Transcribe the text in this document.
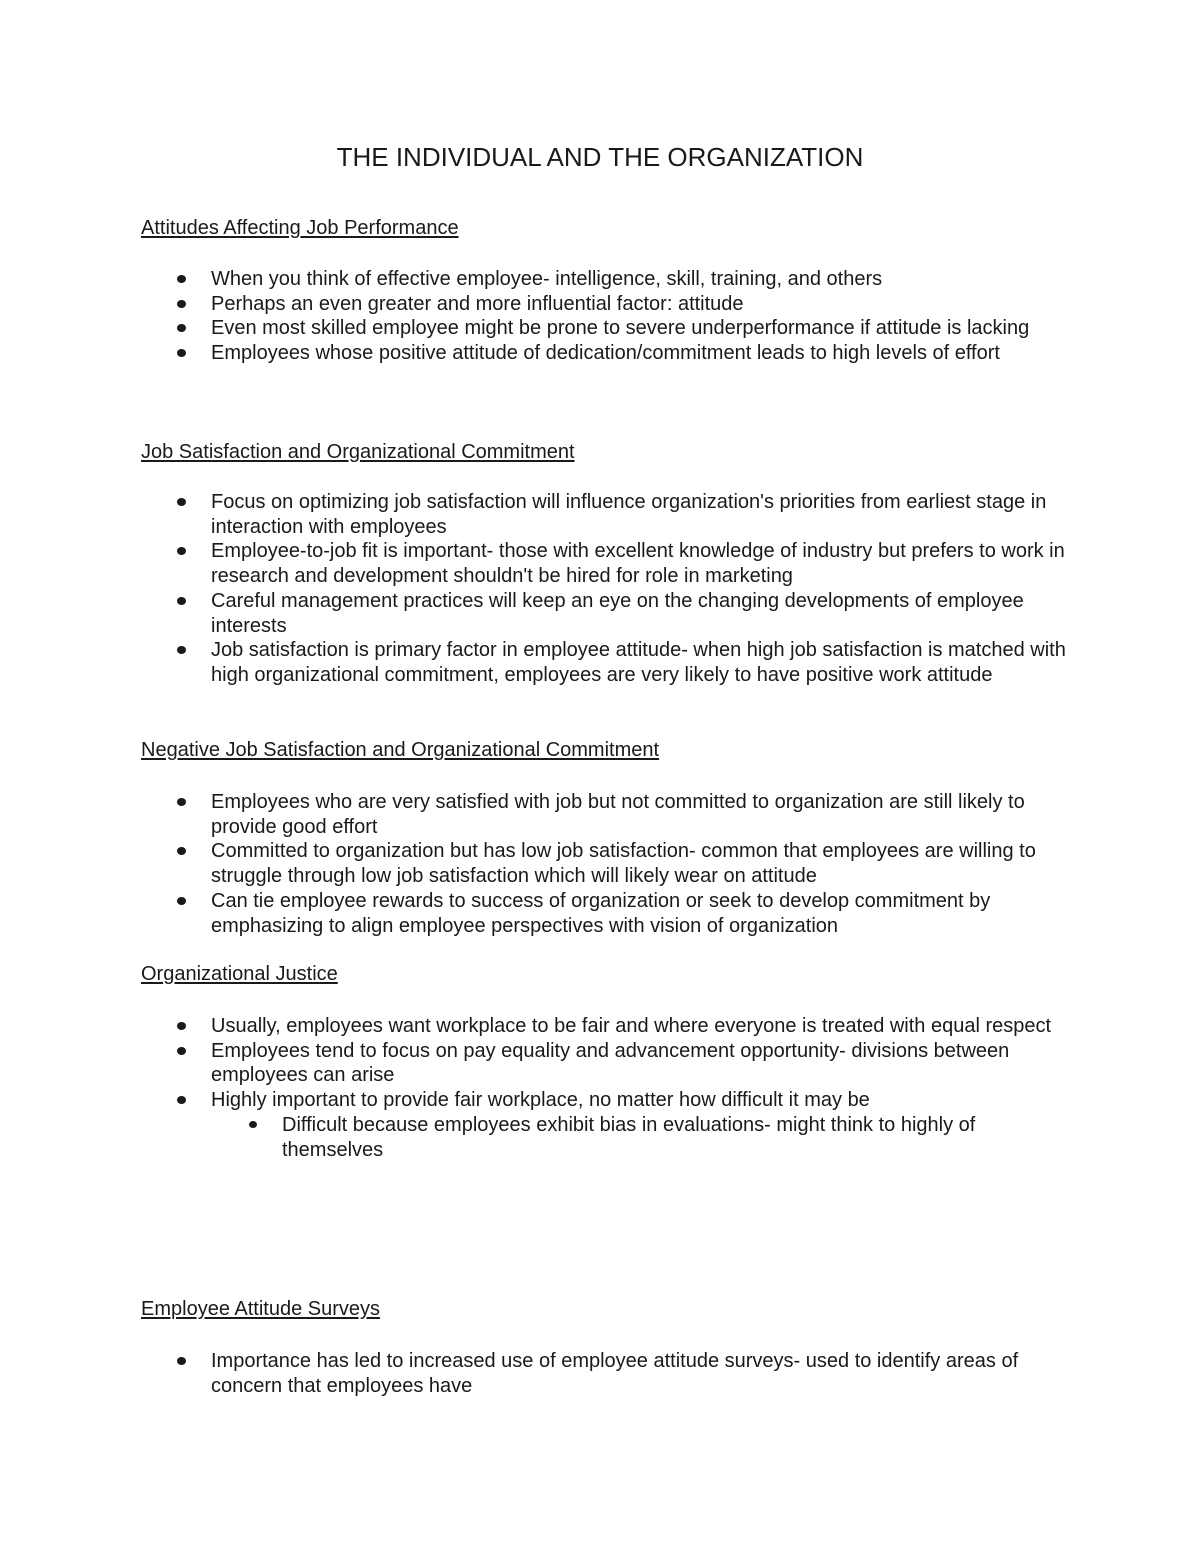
THE INDIVIDUAL AND THE ORGANIZATION
Attitudes Affecting Job Performance
When you think of effective employee- intelligence, skill, training, and others
Perhaps an even greater and more influential factor: attitude
Even most skilled employee might be prone to severe underperformance if attitude is lacking
Employees whose positive attitude of dedication/commitment leads to high levels of effort
Job Satisfaction and Organizational Commitment
Focus on optimizing job satisfaction will influence organization's priorities from earliest stage in interaction with employees
Employee-to-job fit is important- those with excellent knowledge of industry but prefers to work in research and development shouldn't be hired for role in marketing
Careful management practices will keep an eye on the changing developments of employee interests
Job satisfaction is primary factor in employee attitude- when high job satisfaction is matched with high organizational commitment, employees are very likely to have positive work attitude
Negative Job Satisfaction and Organizational Commitment
Employees who are very satisfied with job but not committed to organization are still likely to provide good effort
Committed to organization but has low job satisfaction- common that employees are willing to struggle through low job satisfaction which will likely wear on attitude
Can tie employee rewards to success of organization or seek to develop commitment by emphasizing to align employee perspectives with vision of organization
Organizational Justice
Usually, employees want workplace to be fair and where everyone is treated with equal respect
Employees tend to focus on pay equality and advancement opportunity- divisions between employees can arise
Highly important to provide fair workplace, no matter how difficult it may be
Difficult because employees exhibit bias in evaluations- might think to highly of themselves
Employee Attitude Surveys
Importance has led to increased use of employee attitude surveys- used to identify areas of concern that employees have
